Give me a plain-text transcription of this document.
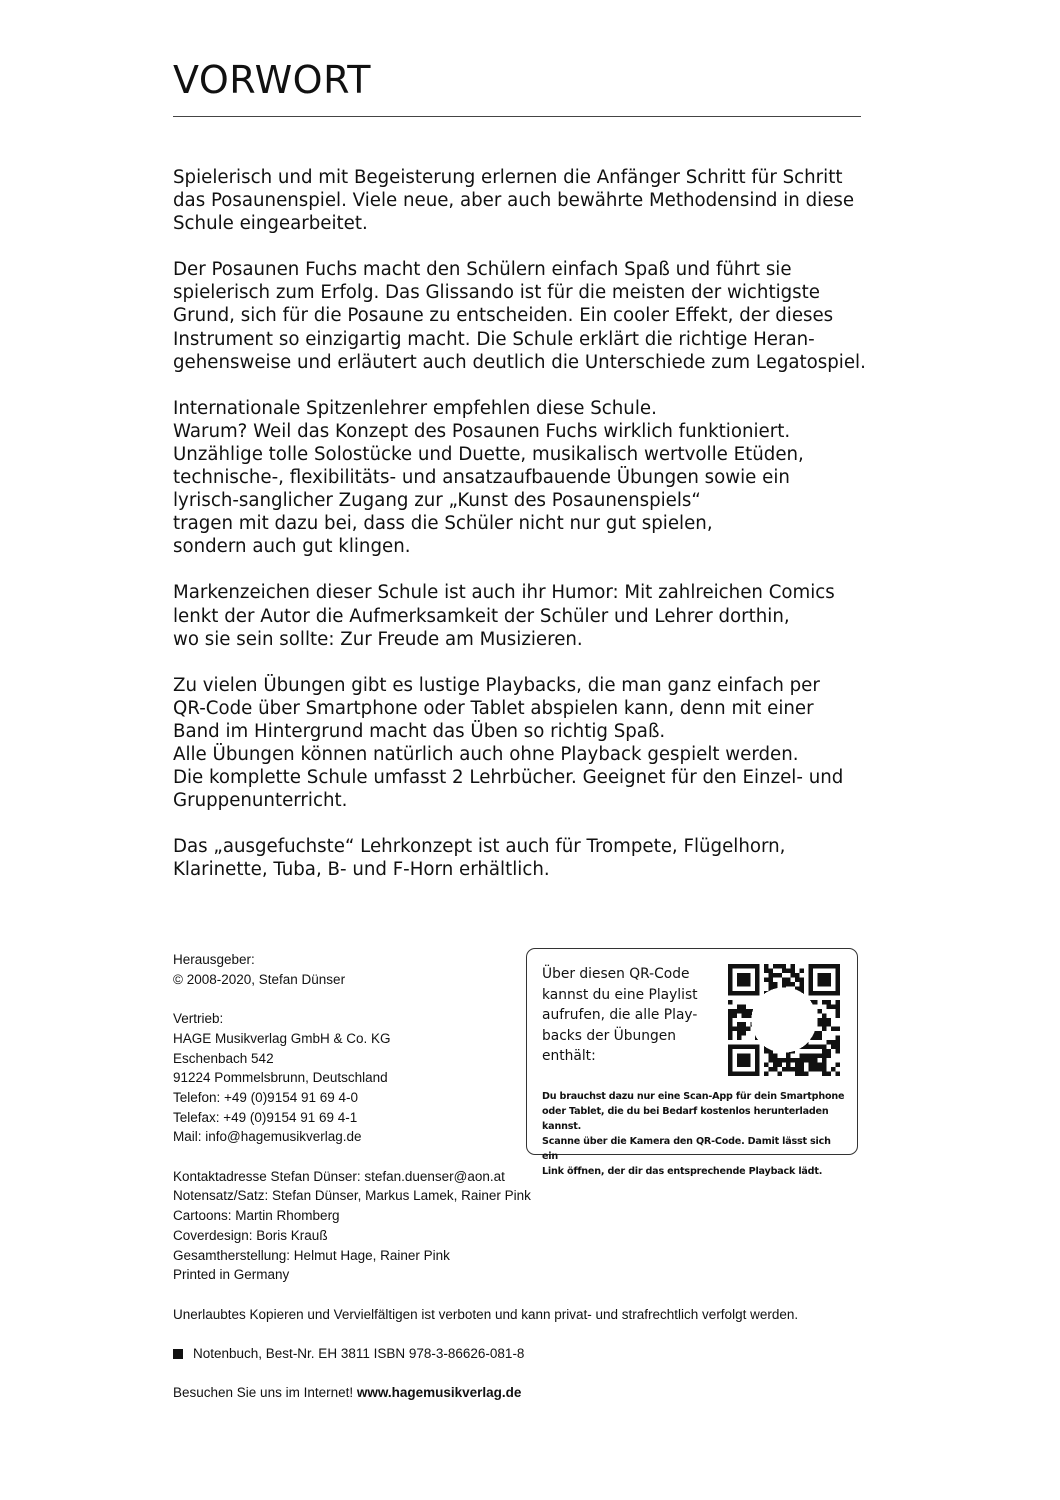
VORWORT

Spielerisch und mit Begeisterung erlernen die Anfänger Schritt für Schritt
das Posaunenspiel. Viele neue, aber auch bewährte Methodensind in diese
Schule eingearbeitet.

Der Posaunen Fuchs macht den Schülern einfach Spaß und führt sie
spielerisch zum Erfolg. Das Glissando ist für die meisten der wichtigste
Grund, sich für die Posaune zu entscheiden. Ein cooler Effekt, der dieses
Instrument so einzigartig macht. Die Schule erklärt die richtige Heran-
gehensweise und erläutert auch deutlich die Unterschiede zum Legatospiel.

Internationale Spitzenlehrer empfehlen diese Schule.
Warum? Weil das Konzept des Posaunen Fuchs wirklich funktioniert.
Unzählige tolle Solostücke und Duette, musikalisch wertvolle Etüden,
technische-, flexibilitäts- und ansatzaufbauende Übungen sowie ein
lyrisch-sanglicher Zugang zur „Kunst des Posaunenspiels“
tragen mit dazu bei, dass die Schüler nicht nur gut spielen,
sondern auch gut klingen.

Markenzeichen dieser Schule ist auch ihr Humor: Mit zahlreichen Comics
lenkt der Autor die Aufmerksamkeit der Schüler und Lehrer dorthin,
wo sie sein sollte: Zur Freude am Musizieren.

Zu vielen Übungen gibt es lustige Playbacks, die man ganz einfach per
QR-Code über Smartphone oder Tablet abspielen kann, denn mit einer
Band im Hintergrund macht das Üben so richtig Spaß.
Alle Übungen können natürlich auch ohne Playback gespielt werden.
Die komplette Schule umfasst 2 Lehrbücher. Geeignet für den Einzel- und
Gruppenunterricht.

Das „ausgefuchste“ Lehrkonzept ist auch für Trompete, Flügelhorn,
Klarinette, Tuba, B- und F-Horn erhältlich.

Herausgeber:
© 2008-2020, Stefan Dünser
Vertrieb:
HAGE Musikverlag GmbH & Co. KG
Eschenbach 542
91224 Pommelsbrunn, Deutschland
Telefon: +49 (0)9154 91 69 4-0
Telefax: +49 (0)9154 91 69 4-1
Mail: info@hagemusikverlag.de
Kontaktadresse Stefan Dünser: stefan.duenser@aon.at
Notensatz/Satz: Stefan Dünser, Markus Lamek, Rainer Pink
Cartoons: Martin Rhomberg
Coverdesign: Boris Krauß
Gesamtherstellung: Helmut Hage, Rainer Pink
Printed in Germany
Unerlaubtes Kopieren und Vervielfältigen ist verboten und kann privat- und strafrechtlich verfolgt werden.
Notenbuch, Best-Nr. EH 3811 ISBN 978-3-86626-081-8
Besuchen Sie uns im Internet! www.hagemusikverlag.de
Über diesen QR-Code
kannst du eine Playlist
aufrufen, die alle Play-
backs der Übungen
enthält:
Du brauchst dazu nur eine Scan-App für dein Smartphone
oder Tablet, die du bei Bedarf kostenlos herunterladen kannst.
Scanne über die Kamera den QR-Code. Damit lässt sich ein
Link öffnen, der dir das entsprechende Playback lädt.
